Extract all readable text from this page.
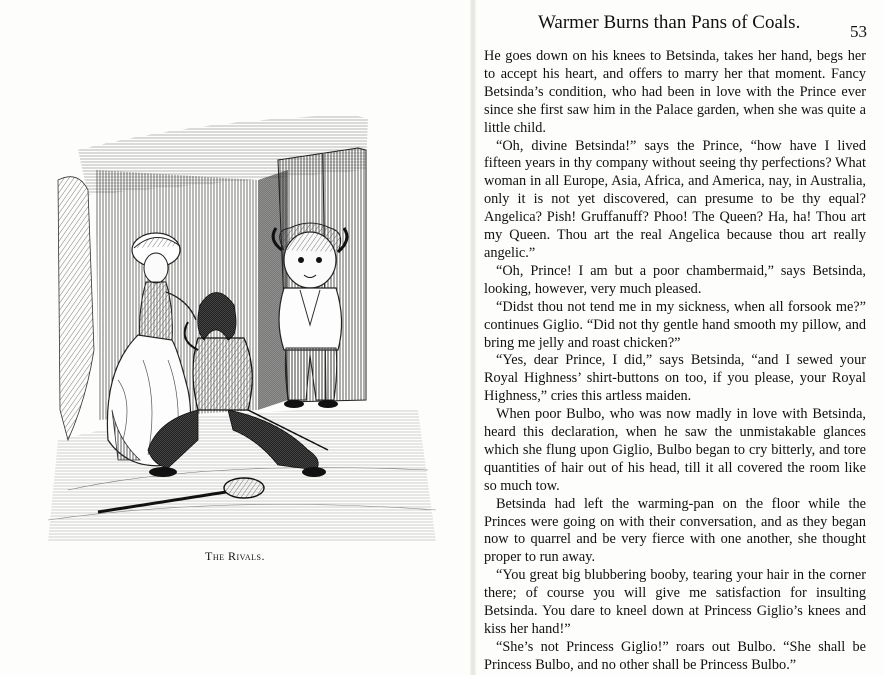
The Rivals.
Warmer Burns than Pans of Coals.	53

He goes down on his knees to Betsinda, takes her hand, begs her to accept his heart, and offers to marry her that moment. Fancy Betsinda’s condition, who had been in love with the Prince ever since she first saw him in the Palace garden, when she was quite a little child.

“Oh, divine Betsinda!” says the Prince, “how have I lived fifteen years in thy company without seeing thy perfections? What woman in all Europe, Asia, Africa, and America, nay, in Australia, only it is not yet discovered, can presume to be thy equal? Angelica? Pish! Gruffanuff? Phoo! The Queen? Ha, ha! Thou art my Queen. Thou art the real Angelica because thou art really angelic.”

“Oh, Prince! I am but a poor chambermaid,” says Betsinda, looking, however, very much pleased.

“Didst thou not tend me in my sickness, when all forsook me?” continues Giglio. “Did not thy gentle hand smooth my pillow, and bring me jelly and roast chicken?”

“Yes, dear Prince, I did,” says Betsinda, “and I sewed your Royal Highness’ shirt-buttons on too, if you please, your Royal Highness,” cries this artless maiden.

When poor Bulbo, who was now madly in love with Betsinda, heard this declaration, when he saw the unmistakable glances which she flung upon Giglio, Bulbo began to cry bitterly, and tore quantities of hair out of his head, till it all covered the room like so much tow.

Betsinda had left the warming-pan on the floor while the Princes were going on with their conversation, and as they began now to quarrel and be very fierce with one another, she thought proper to run away.

“You great big blubbering booby, tearing your hair in the corner there; of course you will give me satisfaction for insulting Betsinda. You dare to kneel down at Princess Giglio’s knees and kiss her hand!”

“She’s not Princess Giglio!” roars out Bulbo. “She shall be Princess Bulbo, and no other shall be Princess Bulbo.”
